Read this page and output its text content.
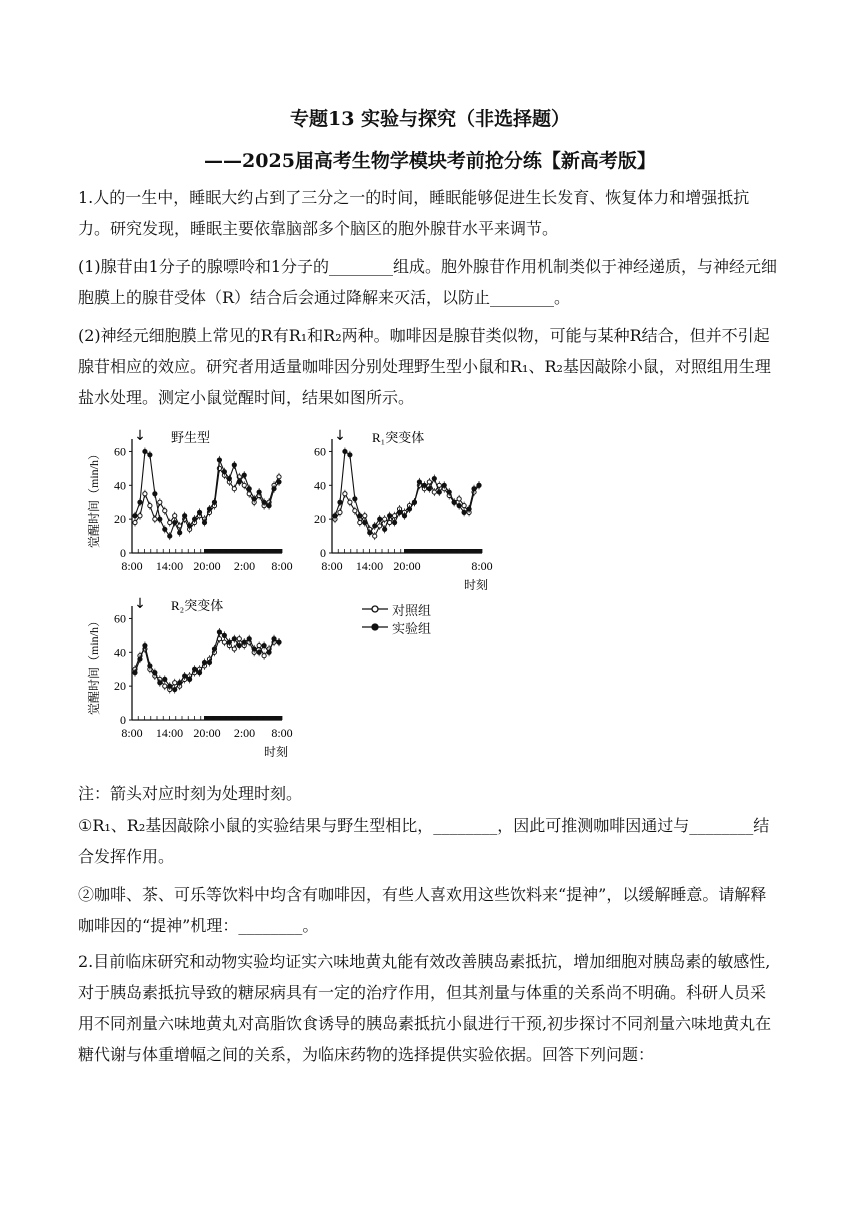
专题13 实验与探究（非选择题）
——2025届高考生物学模块考前抢分练【新高考版】

1.人的一生中，睡眠大约占到了三分之一的时间，睡眠能够促进生长发育、恢复体力和增强抵抗力。研究发现，睡眠主要依靠脑部多个脑区的胞外腺苷水平来调节。

(1)腺苷由1分子的腺嘌呤和1分子的________组成。胞外腺苷作用机制类似于神经递质，与神经元细胞膜上的腺苷受体（R）结合后会通过降解来灭活，以防止________。

(2)神经元细胞膜上常见的R有R₁和R₂两种。咖啡因是腺苷类似物，可能与某种R结合，但并不引起腺苷相应的效应。研究者用适量咖啡因分别处理野生型小鼠和R₁、R₂基因敲除小鼠，对照组用生理盐水处理。测定小鼠觉醒时间，结果如图所示。

0
20
40
60
8:00 14:00 20:00 2:00 8:00
觉醒时间（min/h）
野生型
↓
0
20
40
60
8:00 14:00 20:00	8:00
时刻
R₁突变体
↓
0
20
40
60
8:00 14:00 20:00 2:00 8:00
时刻
觉醒时间（min/h）
R₂突变体
↓	对照组
实验组

注：箭头对应时刻为处理时刻。

①R₁、R₂基因敲除小鼠的实验结果与野生型相比，________，因此可推测咖啡因通过与________结合发挥作用。

②咖啡、茶、可乐等饮料中均含有咖啡因，有些人喜欢用这些饮料来“提神”，以缓解睡意。请解释咖啡因的“提神”机理：________。

2.目前临床研究和动物实验均证实六味地黄丸能有效改善胰岛素抵抗，增加细胞对胰岛素的敏感性,对于胰岛素抵抗导致的糖尿病具有一定的治疗作用，但其剂量与体重的关系尚不明确。科研人员采用不同剂量六味地黄丸对高脂饮食诱导的胰岛素抵抗小鼠进行干预,初步探讨不同剂量六味地黄丸在糖代谢与体重增幅之间的关系，为临床药物的选择提供实验依据。回答下列问题：
